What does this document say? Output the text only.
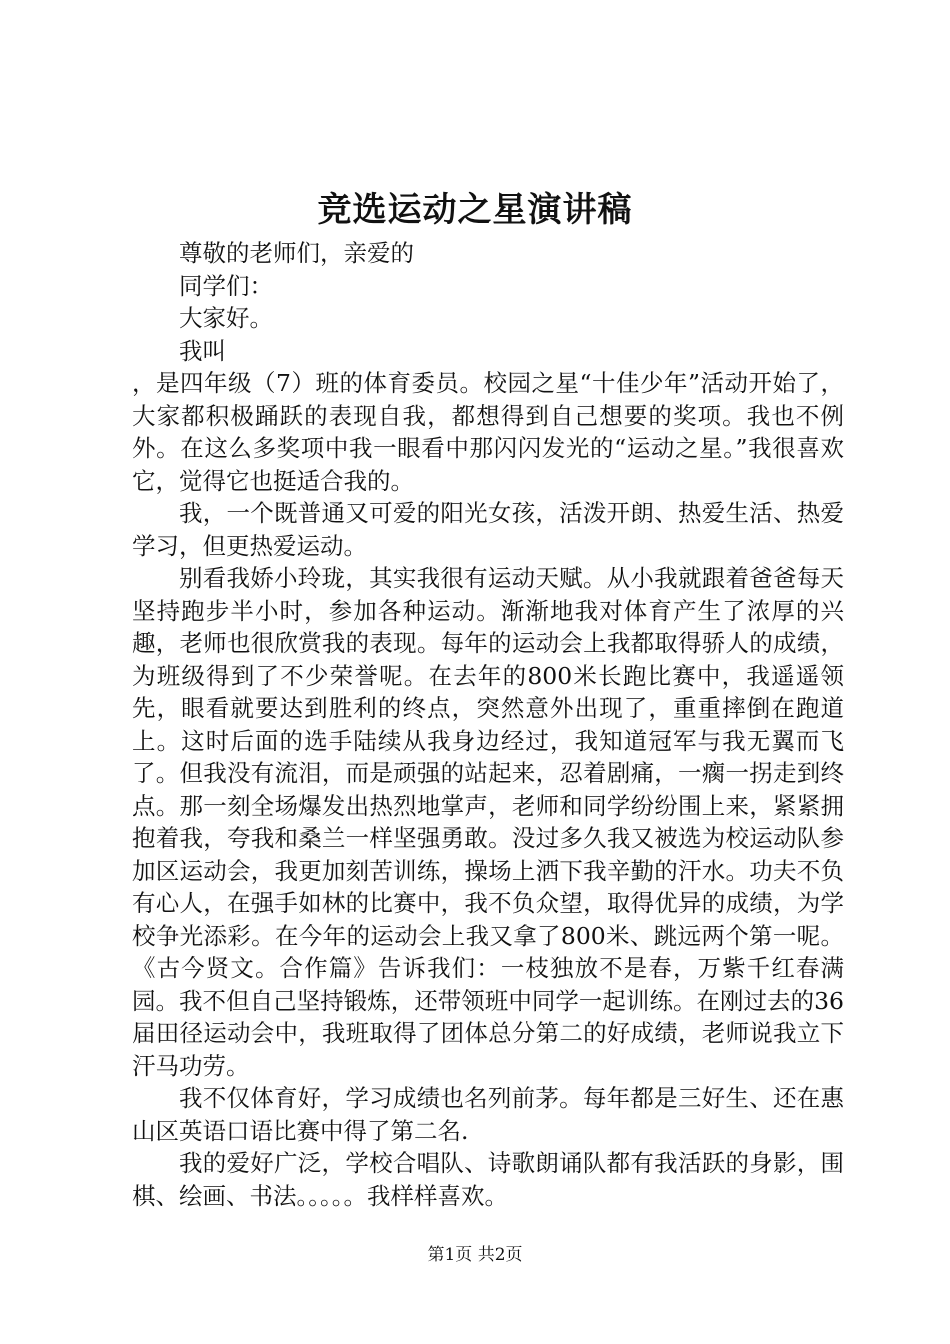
竞选运动之星演讲稿

尊敬的老师们，亲爱的

同学们：

大家好。

我叫

，是四年级（7）班的体育委员。校园之星“十佳少年”活动开始了，大家都积极踊跃的表现自我，都想得到自己想要的奖项。我也不例外。在这么多奖项中我一眼看中那闪闪发光的“运动之星。”我很喜欢它，觉得它也挺适合我的。

我，一个既普通又可爱的阳光女孩，活泼开朗、热爱生活、热爱学习，但更热爱运动。

别看我娇小玲珑，其实我很有运动天赋。从小我就跟着爸爸每天坚持跑步半小时，参加各种运动。渐渐地我对体育产生了浓厚的兴趣，老师也很欣赏我的表现。每年的运动会上我都取得骄人的成绩，为班级得到了不少荣誉呢。在去年的800米长跑比赛中，我遥遥领先，眼看就要达到胜利的终点，突然意外出现了，重重摔倒在跑道上。这时后面的选手陆续从我身边经过，我知道冠军与我无翼而飞了。但我没有流泪，而是顽强的站起来，忍着剧痛，一瘸一拐走到终点。那一刻全场爆发出热烈地掌声，老师和同学纷纷围上来，紧紧拥抱着我，夸我和桑兰一样坚强勇敢。没过多久我又被选为校运动队参加区运动会，我更加刻苦训练，操场上洒下我辛勤的汗水。功夫不负有心人，在强手如林的比赛中，我不负众望，取得优异的成绩，为学校争光添彩。在今年的运动会上我又拿了800米、跳远两个第一呢。《古今贤文。合作篇》告诉我们：一枝独放不是春，万紫千红春满园。我不但自己坚持锻炼，还带领班中同学一起训练。在刚过去的36届田径运动会中，我班取得了团体总分第二的好成绩，老师说我立下汗马功劳。

我不仅体育好，学习成绩也名列前茅。每年都是三好生、还在惠山区英语口语比赛中得了第二名.

我的爱好广泛，学校合唱队、诗歌朗诵队都有我活跃的身影，围棋、绘画、书法。。。。。我样样喜欢。

第1页 共2页
